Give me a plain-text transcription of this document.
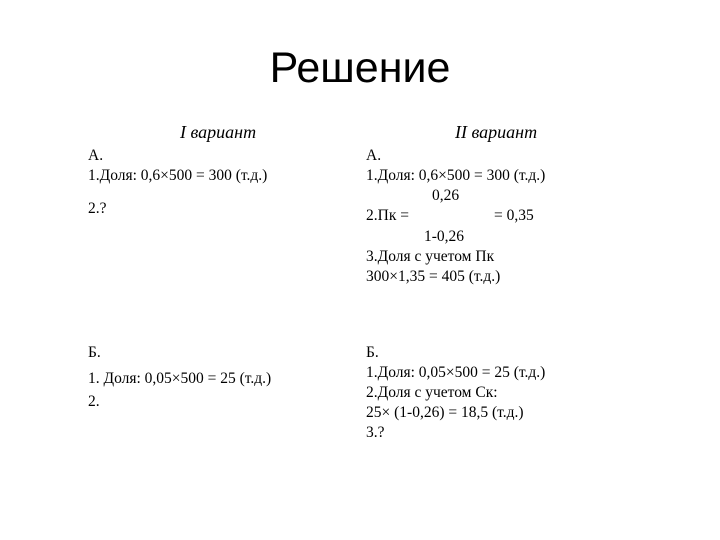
Решение
I вариант
А.
1.Доля: 0,6×500 = 300 (т.д.)
2.?
Б.
1. Доля: 0,05×500 = 25 (т.д.)
2.
II вариант
А.
1.Доля: 0,6×500 = 300 (т.д.)
0,26
2.Пк =	= 0,35
1-0,26
3.Доля с учетом Пк
300×1,35 = 405 (т.д.)
Б.
1.Доля: 0,05×500 = 25 (т.д.)
2.Доля с учетом Ск:
25× (1-0,26) = 18,5 (т.д.)
3.?
